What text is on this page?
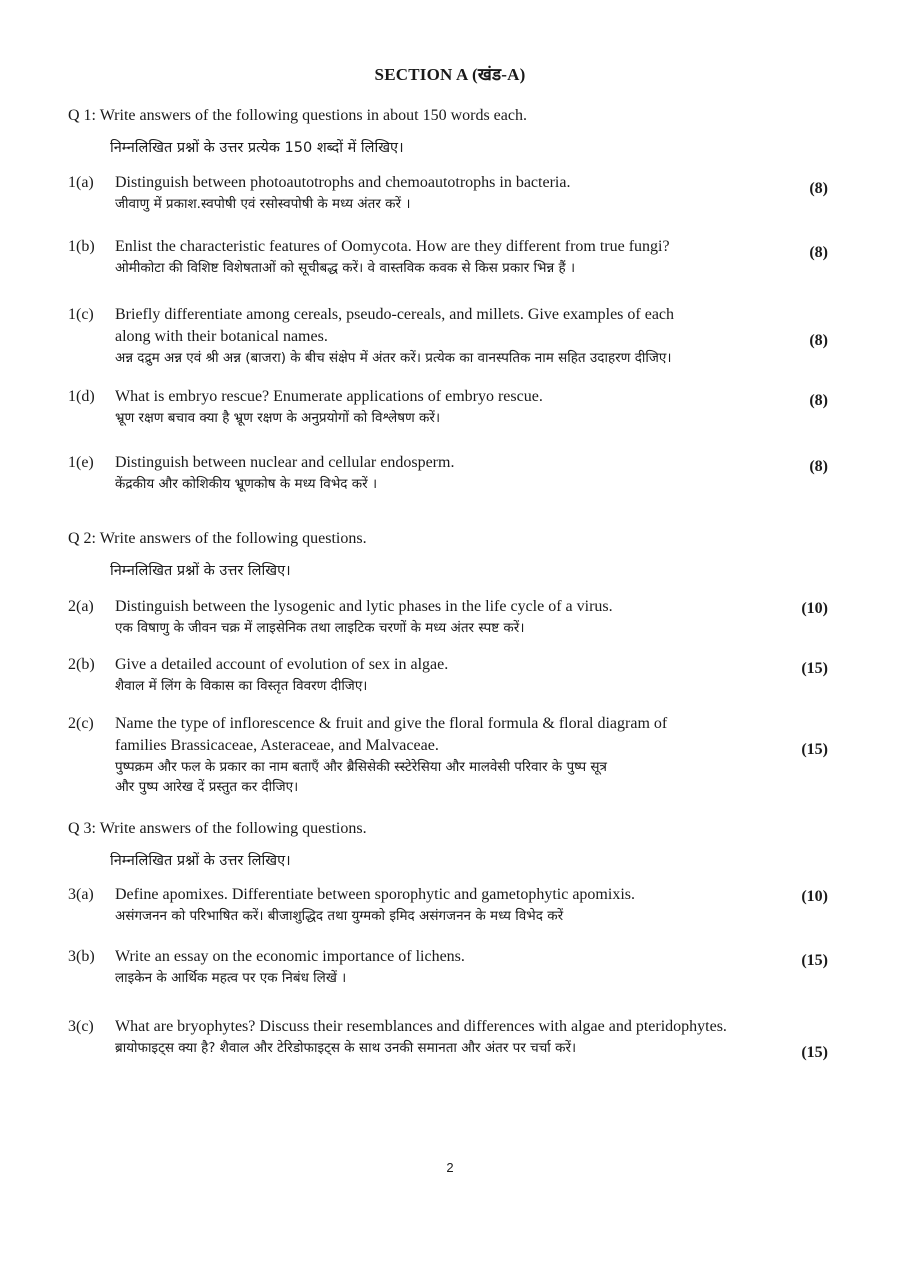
SECTION A (खंड-A)
Q 1: Write answers of the following questions in about 150 words each.
निम्नलिखित प्रश्नों के उत्तर प्रत्येक 150 शब्दों में लिखिए।
1(a)	Distinguish between photoautotrophs and chemoautotrophs in bacteria.
जीवाणु में प्रकाश.स्वपोषी एवं रसोस्वपोषी के मध्य अंतर करें ।
(8)
1(b)	Enlist the characteristic features of Oomycota. How are they different from true fungi?
ओमीकोटा की विशिष्ट विशेषताओं को सूचीबद्ध करें। वे वास्तविक कवक से किस प्रकार भिन्न हैं ।
(8)
1(c)	Briefly differentiate among cereals, pseudo-cereals, and millets. Give examples of each
along with their botanical names.
अन्न दद्रुम अन्न एवं श्री अन्न (बाजरा) के बीच संक्षेप में अंतर करें। प्रत्येक का वानस्पतिक नाम सहित उदाहरण दीजिए।
(8)
1(d)	What is embryo rescue? Enumerate applications of embryo rescue.
भ्रूण रक्षण बचाव क्या है भ्रूण रक्षण के अनुप्रयोगों को विश्लेषण करें।
(8)
1(e)	Distinguish between nuclear and cellular endosperm.
केंद्रकीय और कोशिकीय भ्रूणकोष के मध्य विभेद करें ।
(8)
Q 2: Write answers of the following questions.
निम्नलिखित प्रश्नों के उत्तर लिखिए।
2(a)	Distinguish between the lysogenic and lytic phases in the life cycle of a virus.
एक विषाणु के जीवन चक्र में लाइसेनिक तथा लाइटिक चरणों के मध्य अंतर स्पष्ट करें।
(10)
2(b)	Give a detailed account of evolution of sex in algae.
शैवाल में लिंग के विकास का विस्तृत विवरण दीजिए।
(15)
2(c)	Name the type of inflorescence & fruit and give the floral formula & floral diagram of
families Brassicaceae, Asteraceae, and Malvaceae.
पुष्पक्रम और फल के प्रकार का नाम बताएँ और ब्रैसिसेकी स्स्टेरेसिया और मालवेसी परिवार के पुष्प सूत्र
और पुष्प आरेख दें प्रस्तुत कर दीजिए।
(15)
Q 3: Write answers of the following questions.
निम्नलिखित प्रश्नों के उत्तर लिखिए।
3(a)	Define apomixes. Differentiate between sporophytic and gametophytic apomixis.
असंगजनन को परिभाषित करें। बीजाशुद्धिद तथा युग्मको इमिद असंगजनन के मध्य विभेद करें
(10)
3(b)	Write an essay on the economic importance of lichens.
लाइकेन के आर्थिक महत्व पर एक निबंध लिखें ।
(15)
3(c)	What are bryophytes? Discuss their resemblances and differences with algae and pteridophytes.
ब्रायोफाइट्स क्या है? शैवाल और टेरिडोफाइट्स के साथ उनकी समानता और अंतर पर चर्चा करें।	(15)
2
